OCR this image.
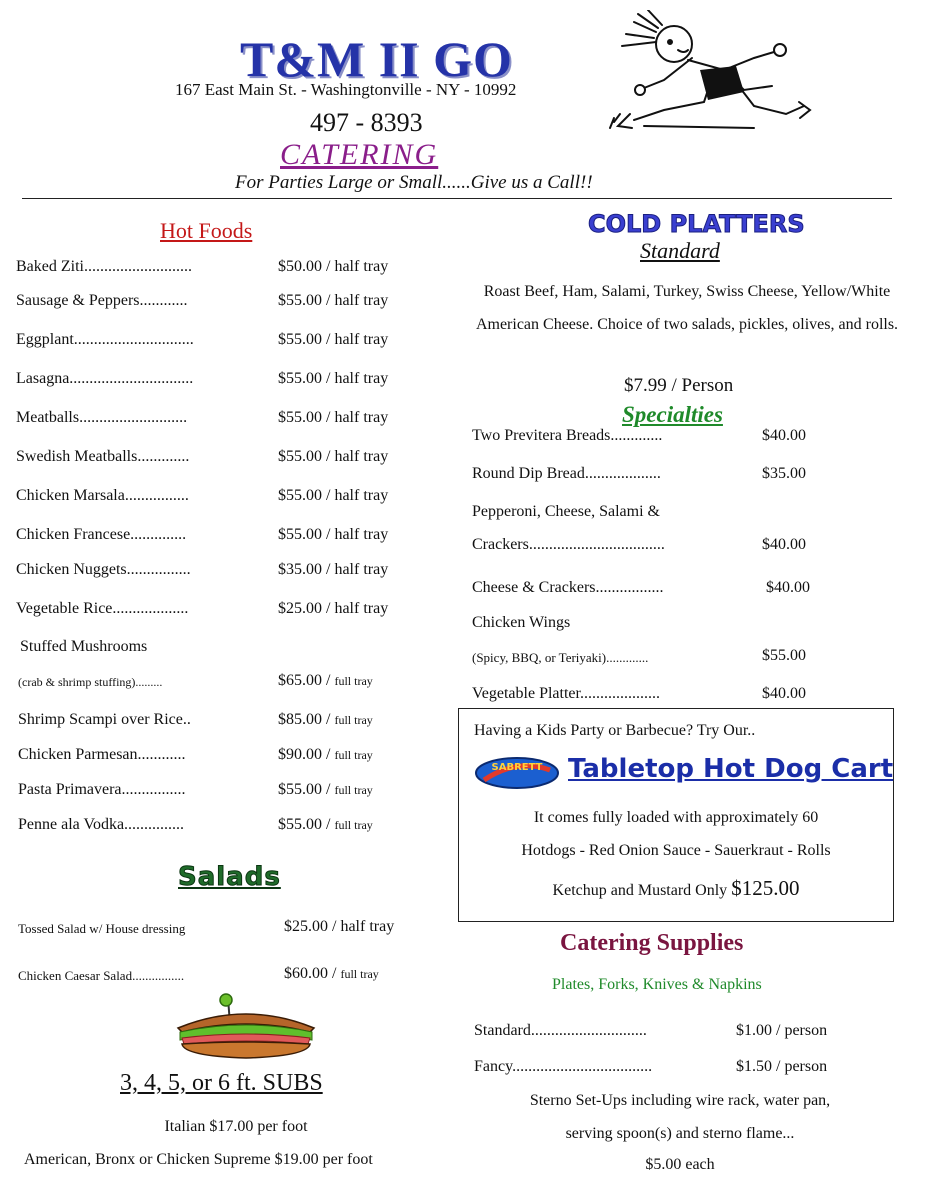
T&M II GO
167 East Main St. - Washingtonville - NY - 10992
497 - 8393
CATERING
For Parties Large or Small......Give us a Call!!
Hot Foods
Baked Ziti...........................	$50.00 / half tray
Sausage & Peppers............	$55.00 / half tray
Eggplant..............................	$55.00 / half tray
Lasagna...............................	$55.00 / half tray
Meatballs...........................	$55.00 / half tray
Swedish Meatballs.............	$55.00 / half tray
Chicken Marsala................	$55.00 / half tray
Chicken Francese..............	$55.00 / half tray
Chicken Nuggets................	$35.00 / half tray
Vegetable Rice...................	$25.00 / half tray
Stuffed Mushrooms
(crab & shrimp stuffing).........	$65.00 / full tray
Shrimp Scampi over Rice..	$85.00 / full tray
Chicken Parmesan............	$90.00 / full tray
Pasta Primavera................	$55.00 / full tray
Penne ala Vodka...............	$55.00 / full tray
Salads
Tossed Salad w/ House dressing	$25.00 / half tray
Chicken Caesar Salad................	$60.00 / full tray
3, 4, 5, or 6 ft. SUBS
Italian $17.00 per foot
American, Bronx or Chicken Supreme $19.00 per foot
COLD PLATTERS
Standard
Roast Beef, Ham, Salami, Turkey, Swiss Cheese, Yellow/White American Cheese. Choice of two salads, pickles, olives, and rolls.
$7.99 / Person
Specialties
Two Previtera Breads.............	$40.00
Round Dip Bread...................	$35.00
Pepperoni, Cheese, Salami &
Crackers..................................	$40.00
Cheese & Crackers.................	$40.00
Chicken Wings
(Spicy, BBQ, or Teriyaki).............	$55.00
Vegetable Platter....................	$40.00
Having a Kids Party or Barbecue? Try Our..
SABRETT Tabletop Hot Dog Cart
It comes fully loaded with approximately 60
Hotdogs - Red Onion Sauce - Sauerkraut - Rolls
Ketchup and Mustard Only $125.00
Catering Supplies
Plates, Forks, Knives & Napkins
Standard.............................	$1.00 / person
Fancy...................................	$1.50 / person
Sterno Set-Ups including wire rack, water pan,
serving spoon(s) and sterno flame...
$5.00 each
